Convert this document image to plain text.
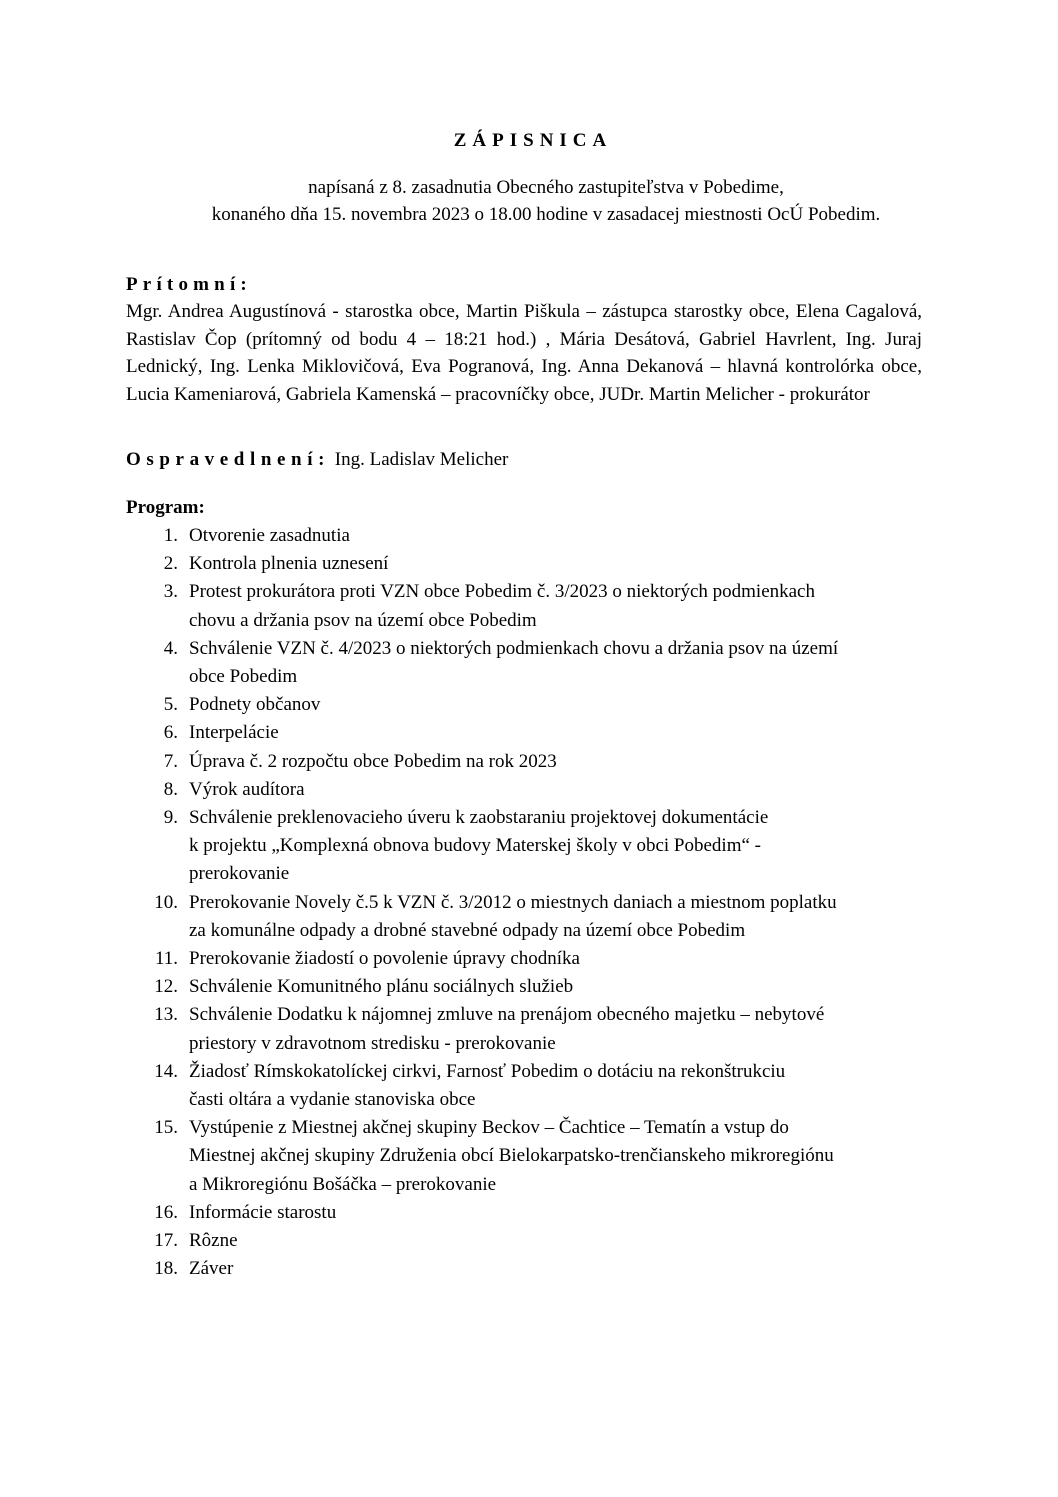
ZÁPISNICA
napísaná z 8. zasadnutia Obecného zastupiteľstva v Pobedime,
konaného dňa 15. novembra 2023 o 18.00 hodine v zasadacej miestnosti OcÚ Pobedim.
Prítomní:
Mgr. Andrea Augustínová - starostka obce, Martin Piškula – zástupca starostky obce, Elena Cagalová, Rastislav Čop (prítomný od bodu 4 – 18:21 hod.) , Mária Desátová, Gabriel Havrlent, Ing. Juraj Lednický, Ing. Lenka Miklovičová, Eva Pogranová, Ing. Anna Dekanová – hlavná kontrolórka obce, Lucia Kameniarová, Gabriela Kamenská – pracovníčky obce, JUDr. Martin Melicher - prokurátor
Ospravedlnení: Ing. Ladislav Melicher
Program:
1. Otvorenie zasadnutia
2. Kontrola plnenia uznesení
3. Protest prokurátora proti VZN obce Pobedim č. 3/2023 o niektorých podmienkach
chovu a držania psov na území obce Pobedim
4. Schválenie VZN č. 4/2023 o niektorých podmienkach chovu a držania psov na území
obce Pobedim
5. Podnety občanov
6. Interpelácie
7. Úprava č. 2 rozpočtu obce Pobedim na rok 2023
8. Výrok audítora
9. Schválenie preklenovacieho úveru k zaobstaraniu projektovej dokumentácie
k projektu „Komplexná obnova budovy Materskej školy v obci Pobedim“ -
prerokovanie
10. Prerokovanie Novely č.5 k VZN č. 3/2012 o miestnych daniach a miestnom poplatku
za komunálne odpady a drobné stavebné odpady na území obce Pobedim
11. Prerokovanie žiadostí o povolenie úpravy chodníka
12. Schválenie Komunitného plánu sociálnych služieb
13. Schválenie Dodatku k nájomnej zmluve na prenájom obecného majetku – nebytové
priestory v zdravotnom stredisku - prerokovanie
14. Žiadosť Rímskokatolíckej cirkvi, Farnosť Pobedim o dotáciu na rekonštrukciu
časti oltára a vydanie stanoviska obce
15. Vystúpenie z Miestnej akčnej skupiny Beckov – Čachtice – Tematín a vstup do
Miestnej akčnej skupiny Združenia obcí Bielokarpatsko-trenčianskeho mikroregiónu
a Mikroregiónu Bošáčka – prerokovanie
16. Informácie starostu
17. Rôzne
18. Záver
